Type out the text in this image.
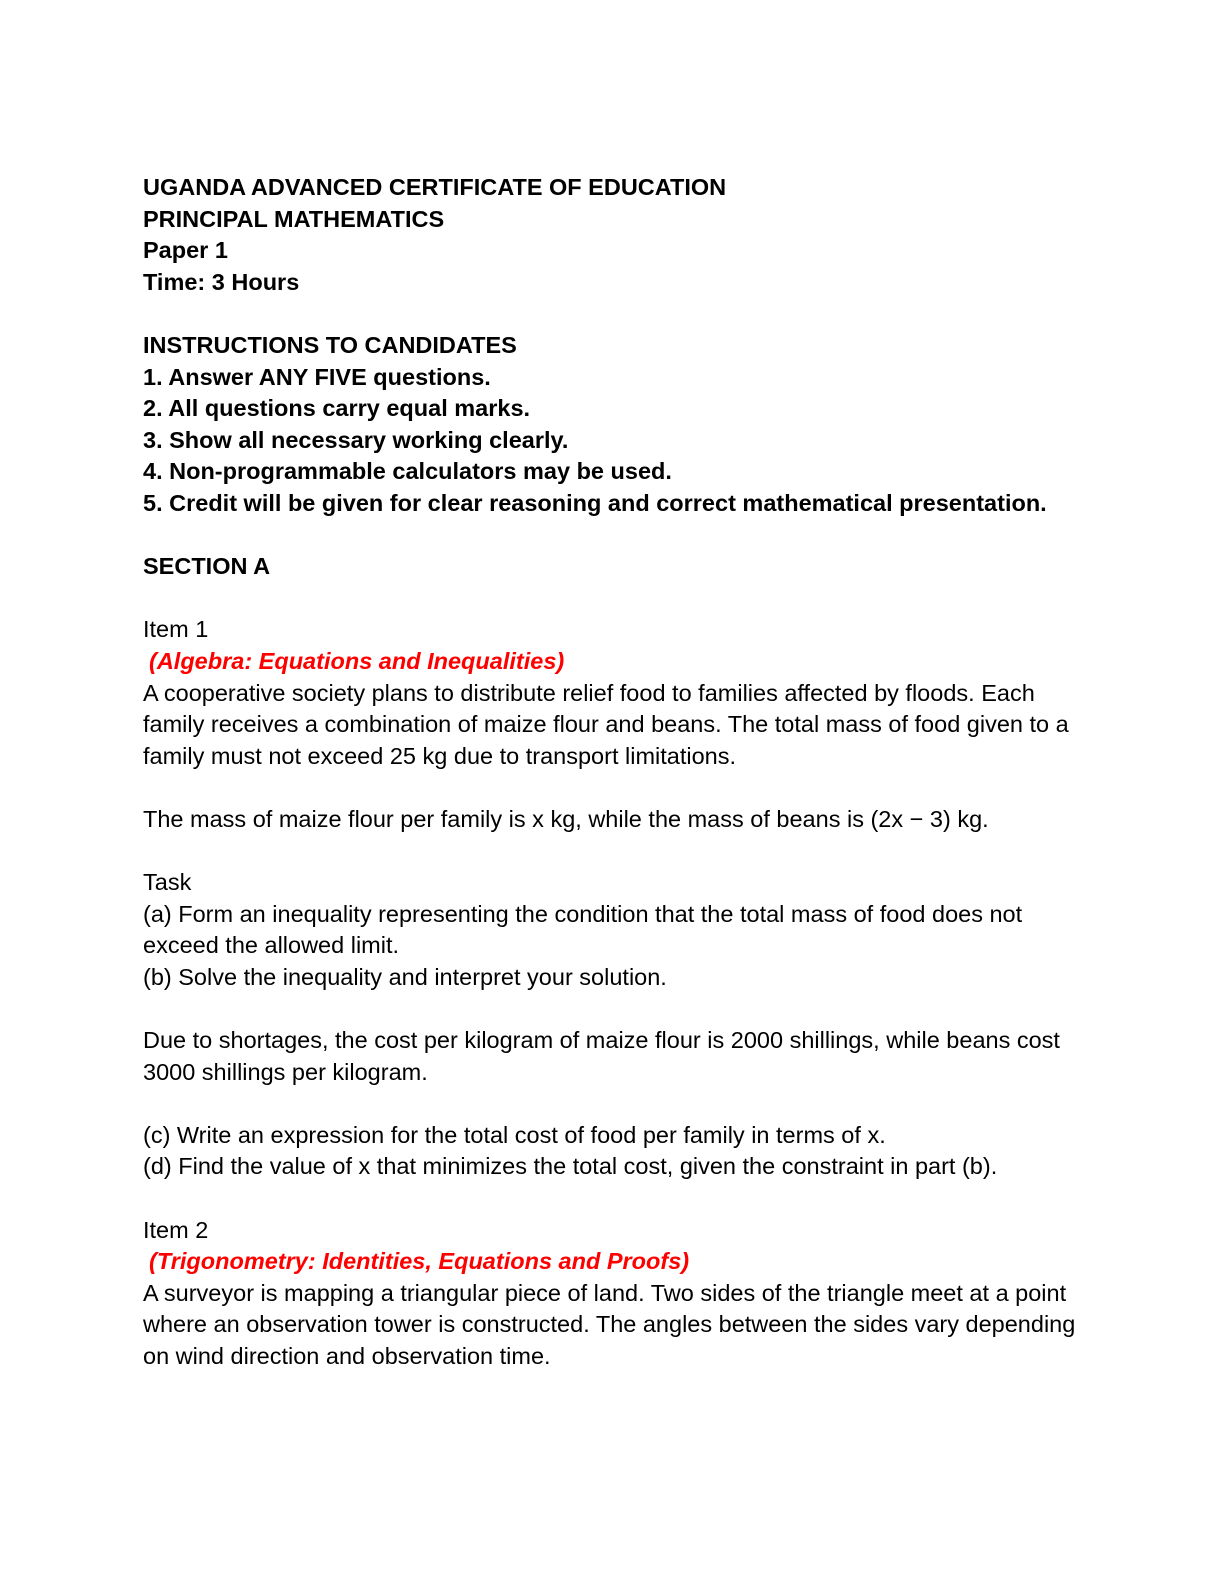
UGANDA ADVANCED CERTIFICATE OF EDUCATION
PRINCIPAL MATHEMATICS
Paper 1
Time: 3 Hours
INSTRUCTIONS TO CANDIDATES
1. Answer ANY FIVE questions.
2. All questions carry equal marks.
3. Show all necessary working clearly.
4. Non-programmable calculators may be used.
5. Credit will be given for clear reasoning and correct mathematical presentation.
SECTION A
Item 1
(Algebra: Equations and Inequalities)
A cooperative society plans to distribute relief food to families affected by floods. Each family receives a combination of maize flour and beans. The total mass of food given to a family must not exceed 25 kg due to transport limitations.
The mass of maize flour per family is x kg, while the mass of beans is (2x − 3) kg.
Task
(a) Form an inequality representing the condition that the total mass of food does not exceed the allowed limit.
(b) Solve the inequality and interpret your solution.
Due to shortages, the cost per kilogram of maize flour is 2000 shillings, while beans cost 3000 shillings per kilogram.
(c) Write an expression for the total cost of food per family in terms of x.
(d) Find the value of x that minimizes the total cost, given the constraint in part (b).
Item 2
(Trigonometry: Identities, Equations and Proofs)
A surveyor is mapping a triangular piece of land. Two sides of the triangle meet at a point where an observation tower is constructed. The angles between the sides vary depending on wind direction and observation time.
